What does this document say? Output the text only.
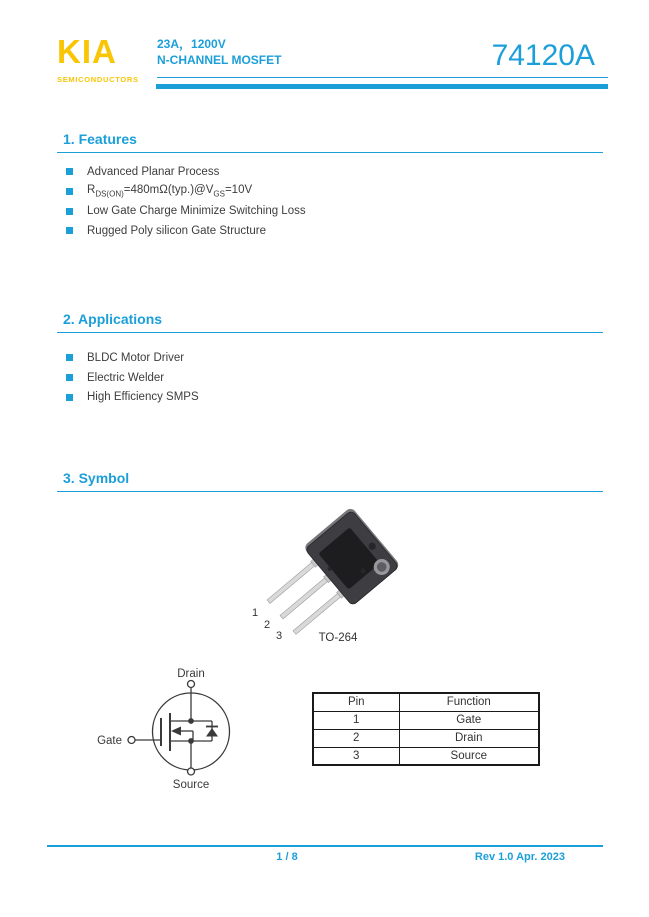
KIA
SEMICONDUCTORS
23A，1200V
N-CHANNEL MOSFET	74120A
1. Features
Advanced Planar Process
$R_{DS(ON)}=480m\Omega(typ.)@V_{GS}=10V$
Low Gate Charge Minimize Switching Loss
Rugged Poly silicon Gate Structure
2. Applications
BLDC Motor Driver
Electric Welder
High Efficiency SMPS
3. Symbol
1
2
3	TO-264
Drain
Gate
Source
Pin	Function
1	Gate
2	Drain
3	Source
1 / 8	Rev 1.0 Apr. 2023
